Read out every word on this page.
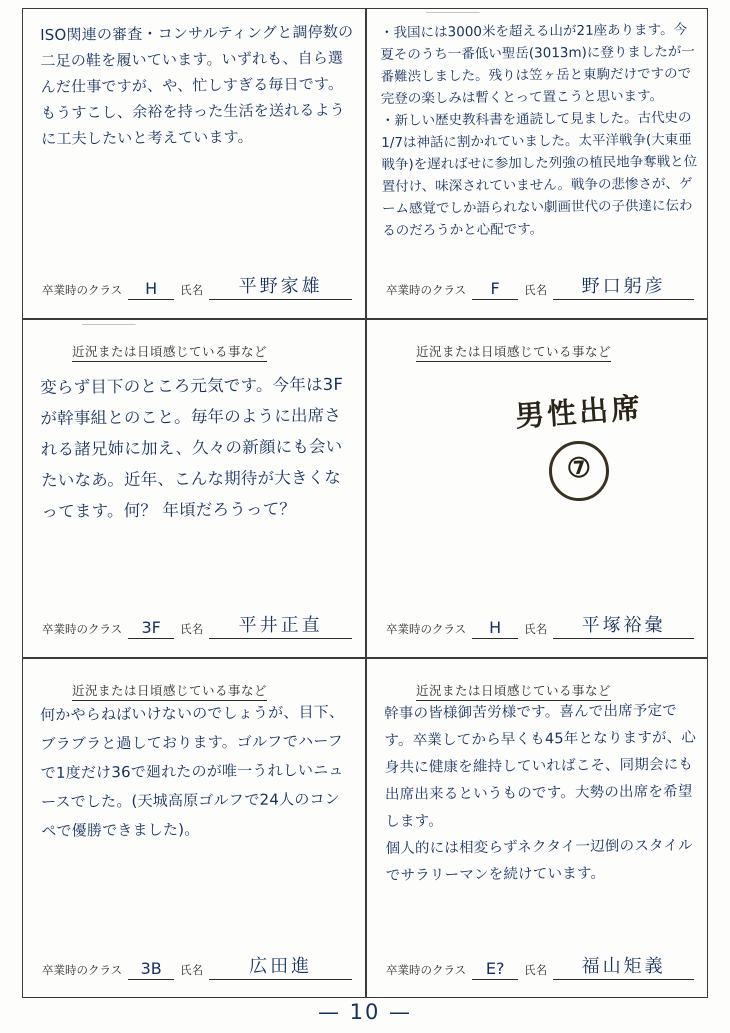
ISO関連の審査・コンサルティングと調停数の二足の鞋を履いています。いずれも、自ら選んだ仕事ですが、や、忙しすぎる毎日です。
もうすこし、余裕を持った生活を送れるように工夫したいと考えています。
卒業時のクラス	H	氏名	平野家雄
‾‾‾‾‾‾‾‾‾‾‾‾‾‾‾‾‾‾‾‾
・我国には3000米を超える山が21座あります。今夏そのうち一番低い聖岳(3013m)に登りましたが一番難渋しました。残りは笠ヶ岳と東駒だけですので完登の楽しみは暫くとって置こうと思います。
・新しい歴史教科書を通読して見ました。古代史の1/7は神話に割かれていました。太平洋戦争(大東亜戦争)を遅ればせに参加した列強の植民地争奪戦と位置付け、味深されていません。戦争の悲惨さが、ゲーム感覚でしか語られない劇画世代の子供達に伝わるのだろうかと心配です。
卒業時のクラス	F	氏名	野口躬彦
‾‾‾‾‾‾‾‾‾‾‾‾‾‾‾‾‾‾‾‾
近況または日頃感じている事など
変らず目下のところ元気です。今年は3Fが幹事組とのこと。毎年のように出席される諸兄姉に加え、久々の新顔にも会いたいなあ。近年、こんな期待が大きくなってます。何？ 年頃だろうって？
卒業時のクラス	3F	氏名	平井正直
近況または日頃感じている事など
男性出席
⑦
卒業時のクラス	H	氏名	平塚裕彙
近況または日頃感じている事など
何かやらねばいけないのでしょうが、目下、ブラブラと過しております。ゴルフでハーフで1度だけ36で廻れたのが唯一うれしいニュースでした。(天城高原ゴルフで24人のコンペで優勝できました)。
卒業時のクラス	3B	氏名	広田進
近況または日頃感じている事など
幹事の皆様御苦労様です。喜んで出席予定です。卒業してから早くも45年となりますが、心身共に健康を維持していればこそ、同期会にも出席出来るというものです。大勢の出席を希望します。
個人的には相変らずネクタイ一辺倒のスタイルでサラリーマンを続けています。
卒業時のクラス	E?	氏名	福山矩義
— 10 —
